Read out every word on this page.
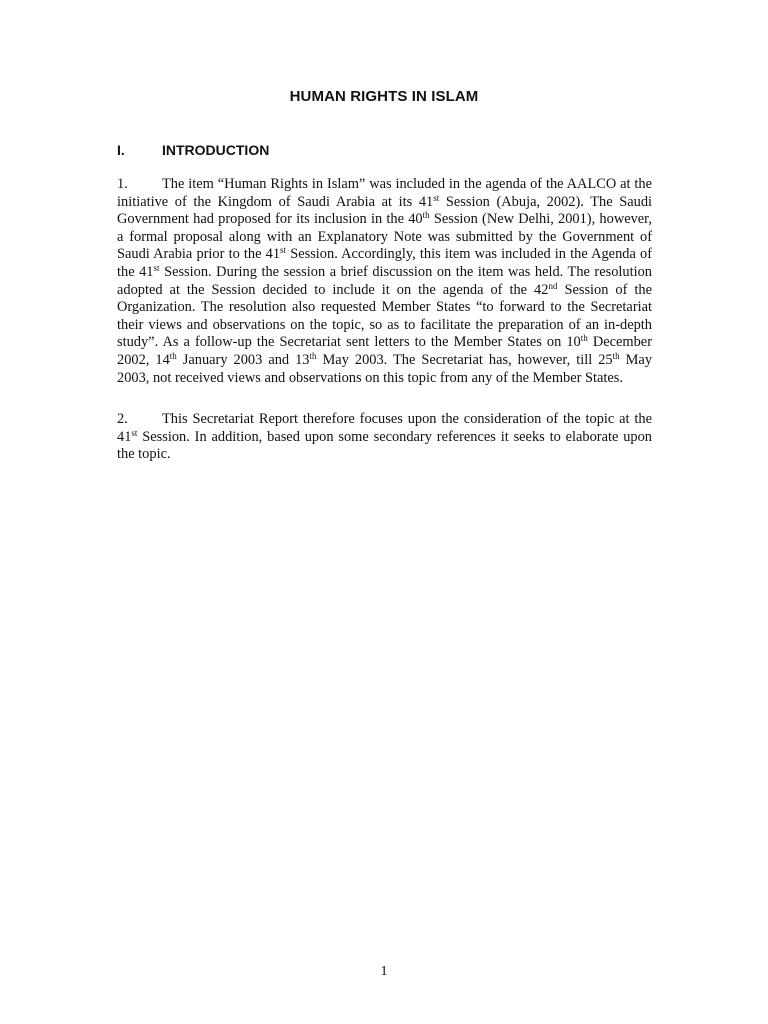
HUMAN RIGHTS IN ISLAM
I.	INTRODUCTION

1. The item “Human Rights in Islam” was included in the agenda of the AALCO at the initiative of the Kingdom of Saudi Arabia at its 41st Session (Abuja, 2002). The Saudi Government had proposed for its inclusion in the 40th Session (New Delhi, 2001), however, a formal proposal along with an Explanatory Note was submitted by the Government of Saudi Arabia prior to the 41st Session. Accordingly, this item was included in the Agenda of the 41st Session. During the session a brief discussion on the item was held. The resolution adopted at the Session decided to include it on the agenda of the 42nd Session of the Organization. The resolution also requested Member States “to forward to the Secretariat their views and observations on the topic, so as to facilitate the preparation of an in-depth study”. As a follow-up the Secretariat sent letters to the Member States on 10th December 2002, 14th January 2003 and 13th May 2003. The Secretariat has, however, till 25th May 2003, not received views and observations on this topic from any of the Member States.

2. This Secretariat Report therefore focuses upon the consideration of the topic at the 41st Session. In addition, based upon some secondary references it seeks to elaborate upon the topic.

1
